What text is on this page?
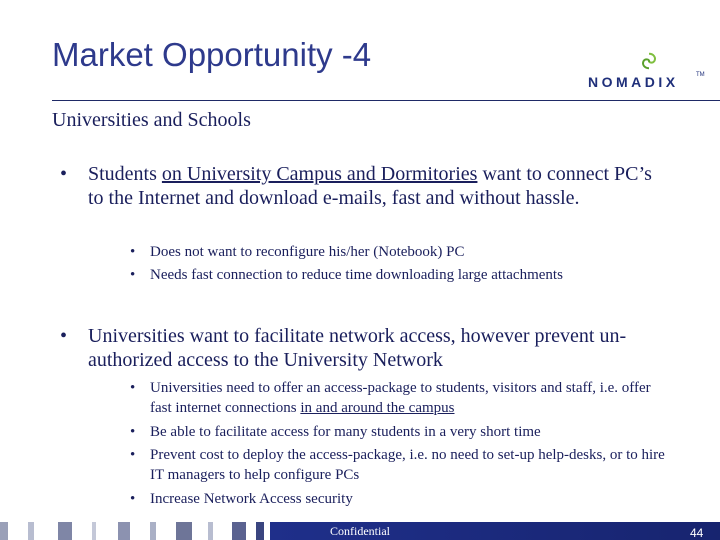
Market Opportunity -4
NOMADIX	TM
Universities and Schools
• Students on University Campus and Dormitories want to connect PC’s to the Internet and download e-mails, fast and without hassle.
• Does not want to reconfigure his/her (Notebook) PC
• Needs fast connection to reduce time downloading large attachments
• Universities want to facilitate network access, however prevent un-authorized access to the University Network
• Universities need to offer an access-package to students, visitors and staff, i.e. offer fast internet connections in and around the campus
• Be able to facilitate access for many students in a very short time
• Prevent cost to deploy the access-package, i.e. no need to set-up help-desks, or to hire IT managers to help configure PCs
• Increase Network Access security
Confidential	44
